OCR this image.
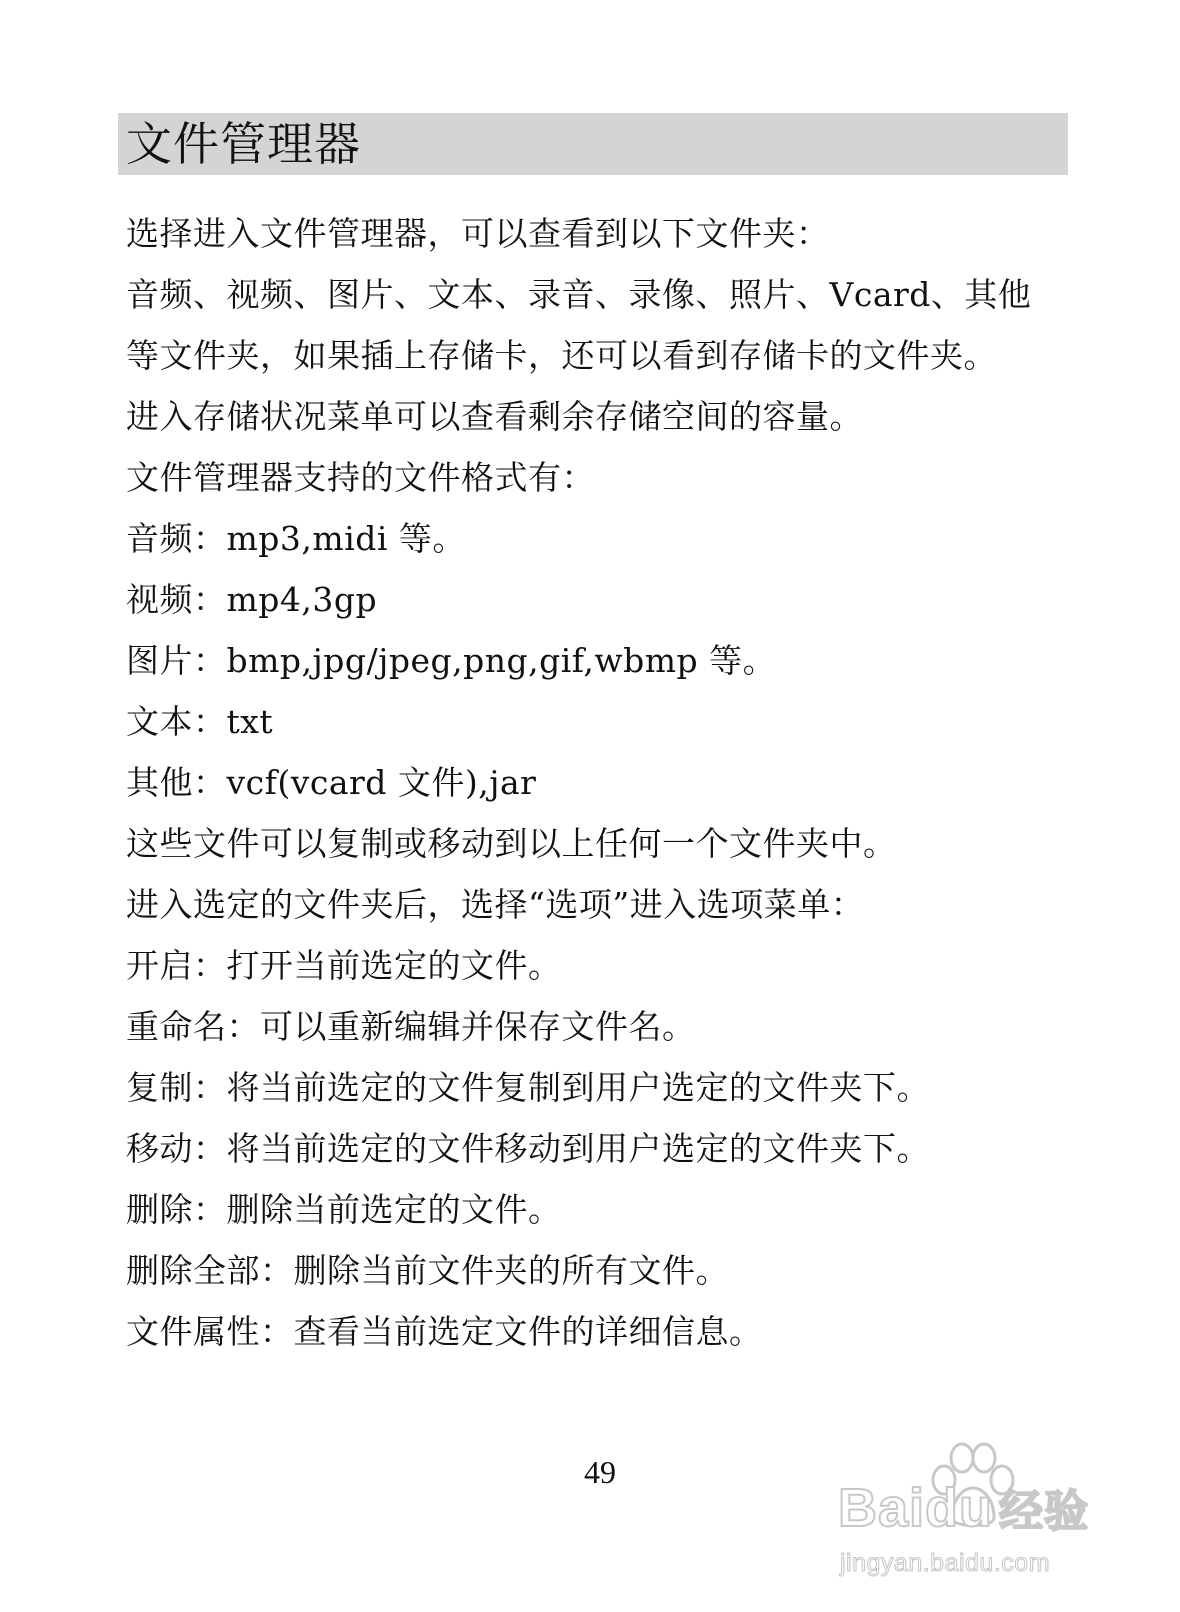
文件管理器
选择进入文件管理器，可以查看到以下文件夹：
音频、视频、图片、文本、录音、录像、照片、Vcard、其他
等文件夹，如果插上存储卡，还可以看到存储卡的文件夹。
进入存储状况菜单可以查看剩余存储空间的容量。
文件管理器支持的文件格式有：
音频：mp3,midi 等。
视频：mp4,3gp
图片：bmp,jpg/jpeg,png,gif,wbmp 等。
文本：txt
其他：vcf(vcard 文件),jar
这些文件可以复制或移动到以上任何一个文件夹中。
进入选定的文件夹后，选择“选项”进入选项菜单：
开启：打开当前选定的文件。
重命名：可以重新编辑并保存文件名。
复制：将当前选定的文件复制到用户选定的文件夹下。
移动：将当前选定的文件移动到用户选定的文件夹下。
删除：删除当前选定的文件。
删除全部：删除当前文件夹的所有文件。
文件属性：查看当前选定文件的详细信息。
49
Baidu 经验
jingyan.baidu.com
